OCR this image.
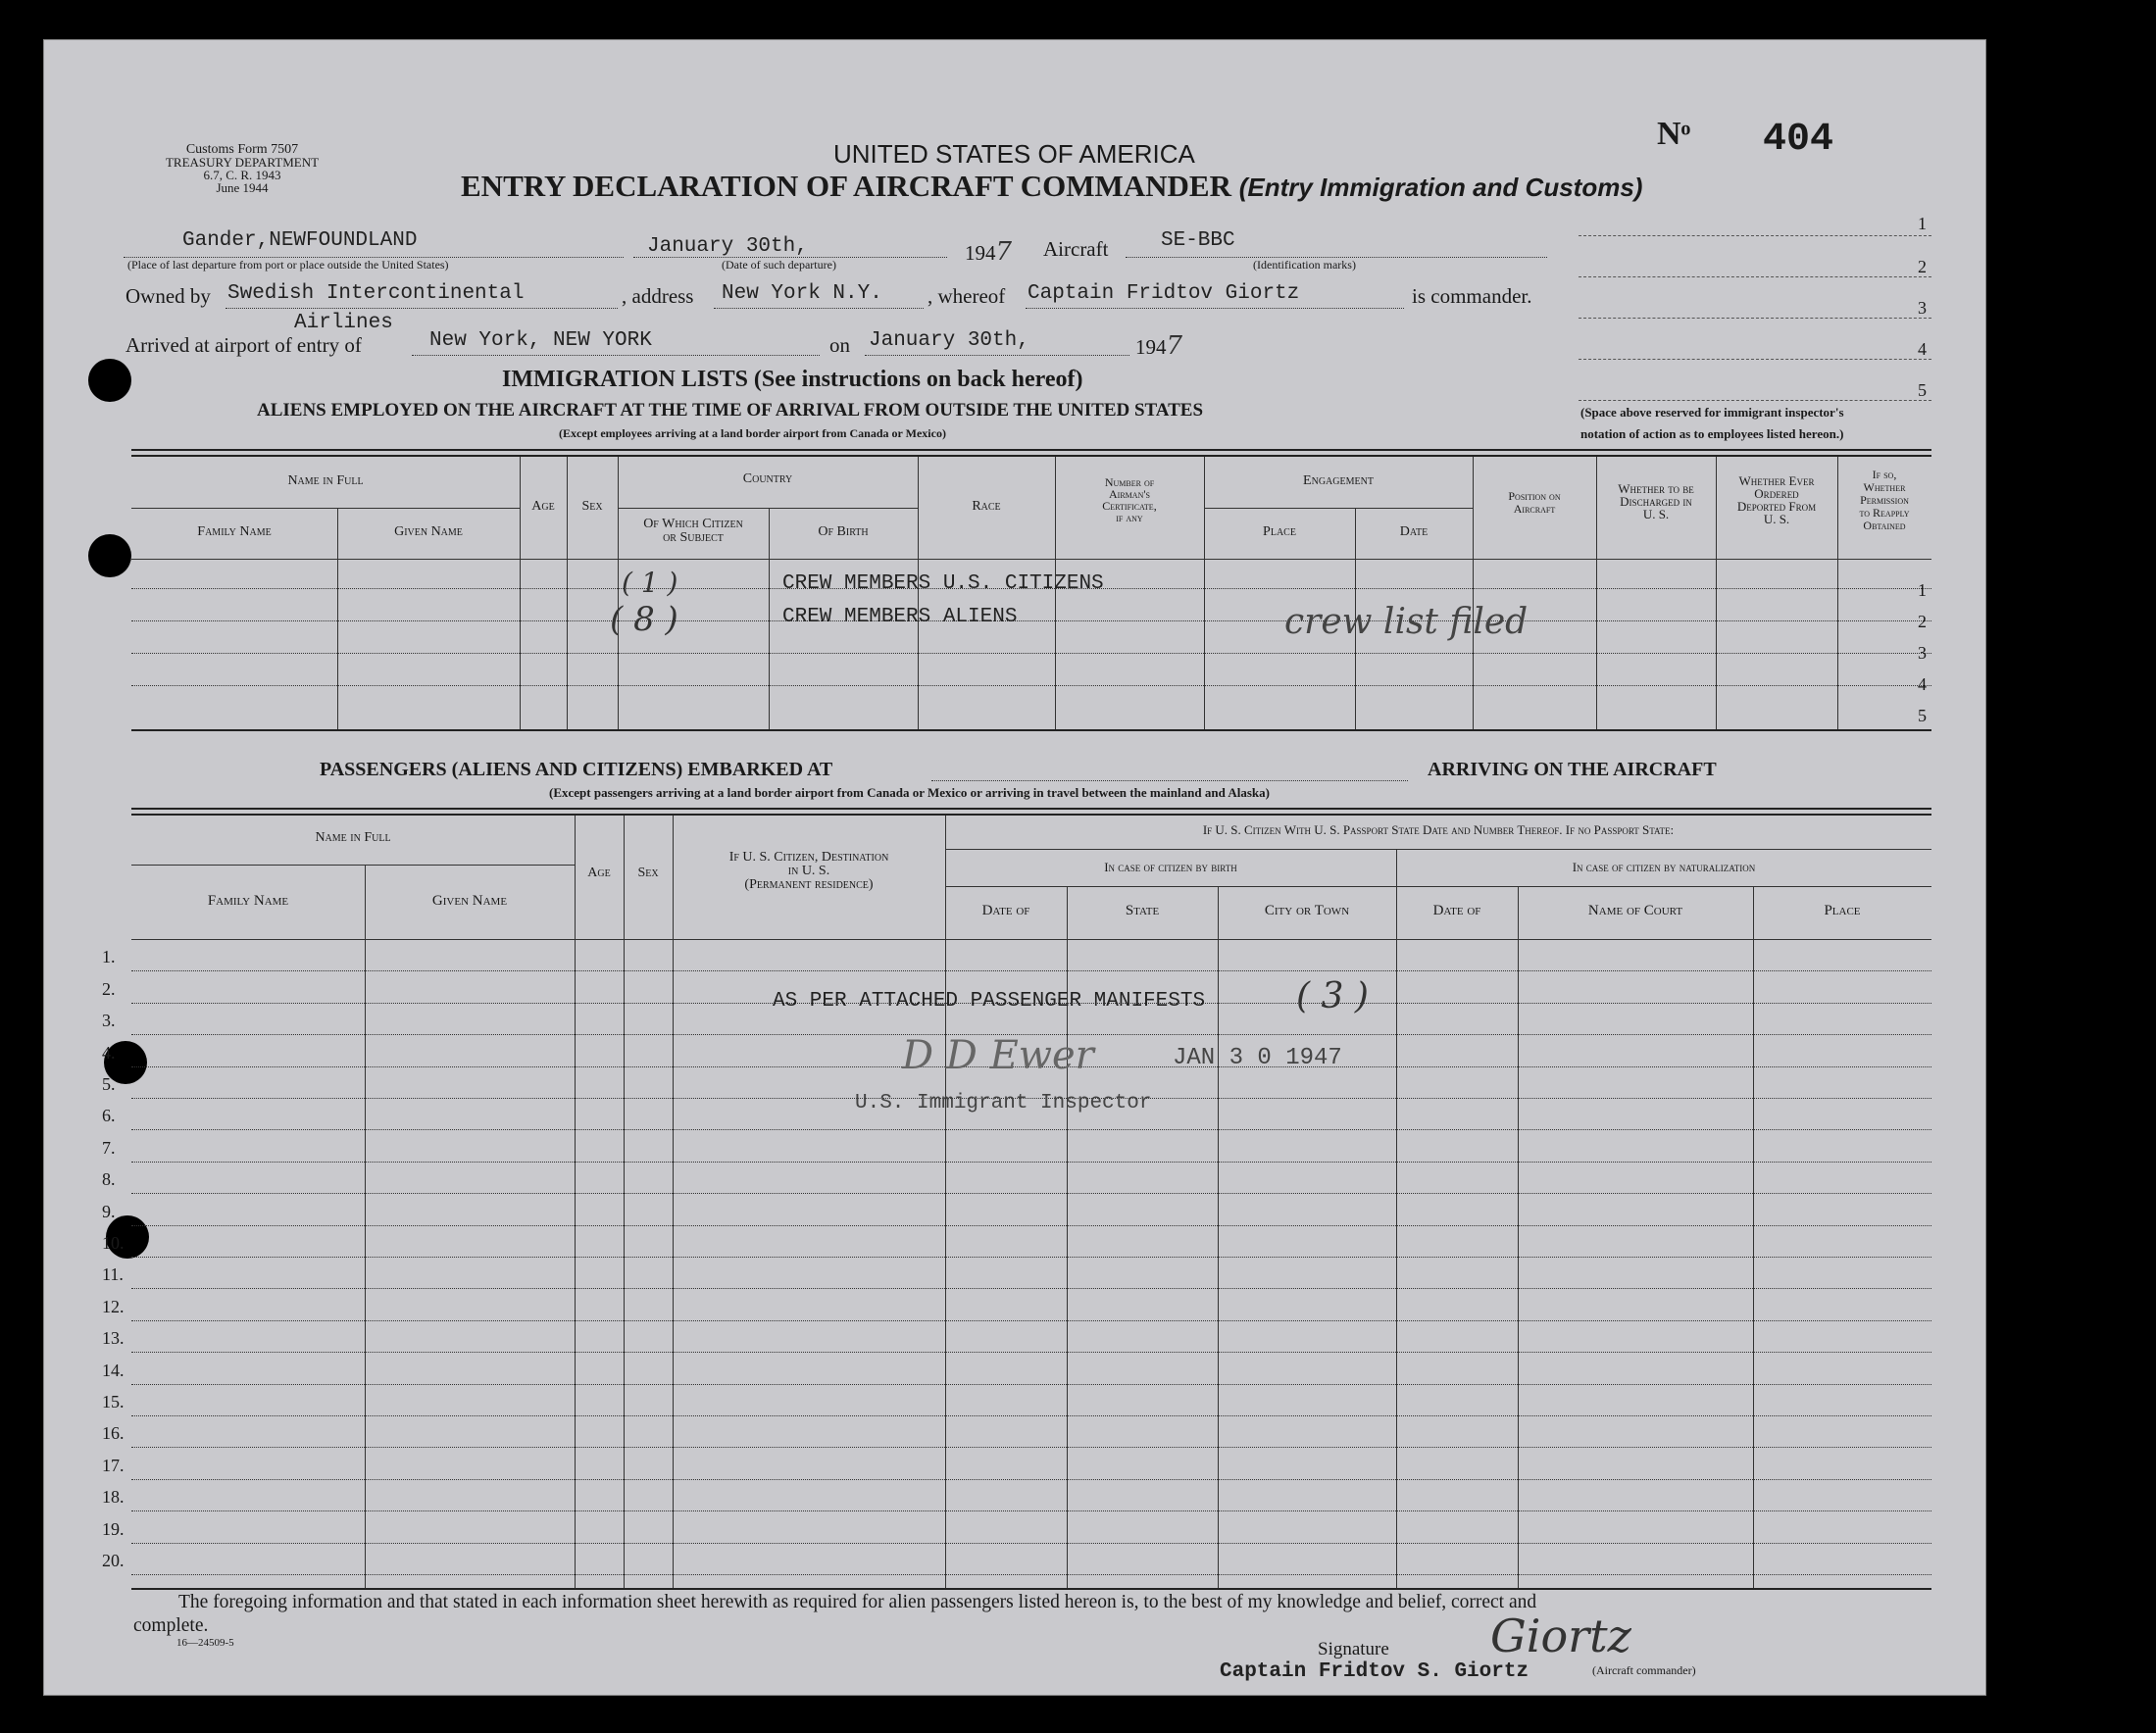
Customs Form 7507
TREASURY DEPARTMENT
6.7, C. R. 1943
June 1944
UNITED STATES OF AMERICA
ENTRY DECLARATION OF AIRCRAFT COMMANDER (Entry Immigration and Customs)
Nᵒ 404
Gander,NEWFOUNDLAND
(Place of last departure from port or place outside the United States)
January 30th,
(Date of such departure)	1947 Aircraft	SE-BBC
(Identification marks)
Owned by Swedish Intercontinental
Airlines
, address New York N.Y. , whereof Captain Fridtov Giortz	is commander.
Arrived at airport of entry of	New York, NEW YORK	on January 30th,	1947
1
2
3
4
5
(Space above reserved for immigrant inspector's
notation of action as to employees listed hereon.)
IMMIGRATION LISTS (See instructions on back hereof)
ALIENS EMPLOYED ON THE AIRCRAFT AT THE TIME OF ARRIVAL FROM OUTSIDE THE UNITED STATES
(Except employees arriving at a land border airport from Canada or Mexico)
Name in Full
Family Name	Given Name
Age	Sex
Country
Of Which Citizen
or Subject	Of Birth
Race
Number of
Airman's
Certificate,
if any
Engagement
Place	Date
Position on
Aircraft
Whether to be
Discharged in
U. S.
Whether Ever
Ordered
Deported From
U. S.
If so,
Whether
Permission
to Reapply
Obtained
( 1 )	CREW MEMBERS U.S. CITIZENS
( 8 )	CREW MEMBERS ALIENS	crew list filed
1
2
3
4
5
PASSENGERS (ALIENS AND CITIZENS) EMBARKED AT	ARRIVING ON THE AIRCRAFT
(Except passengers arriving at a land border airport from Canada or Mexico or arriving in travel between the mainland and Alaska)
Name in Full
Family Name	Given Name
Age	Sex
If U. S. Citizen, Destination
in U. S.
(Permanent residence)
If U. S. Citizen With U. S. Passport State Date and Number Thereof. If no Passport State:
In case of citizen by birth	In case of citizen by naturalization
Date of	State	City or Town	Date of	Name of Court	Place
1.
2.
3.
4.
5.
6.
7.
8.
9.
10.
11.
12.
13.
14.
15.
16.
17.
18.
19.
20.
AS PER ATTACHED PASSENGER MANIFESTS	( 3 )
D D Ewer	JAN 3 0 1947
U.S. Immigrant Inspector
The foregoing information and that stated in each information sheet herewith as required for alien passengers listed hereon is, to the best of my knowledge and belief, correct and
complete.
16—24509-5	Signature Giortz
Captain Fridtov S. Giortz	(Aircraft commander)
